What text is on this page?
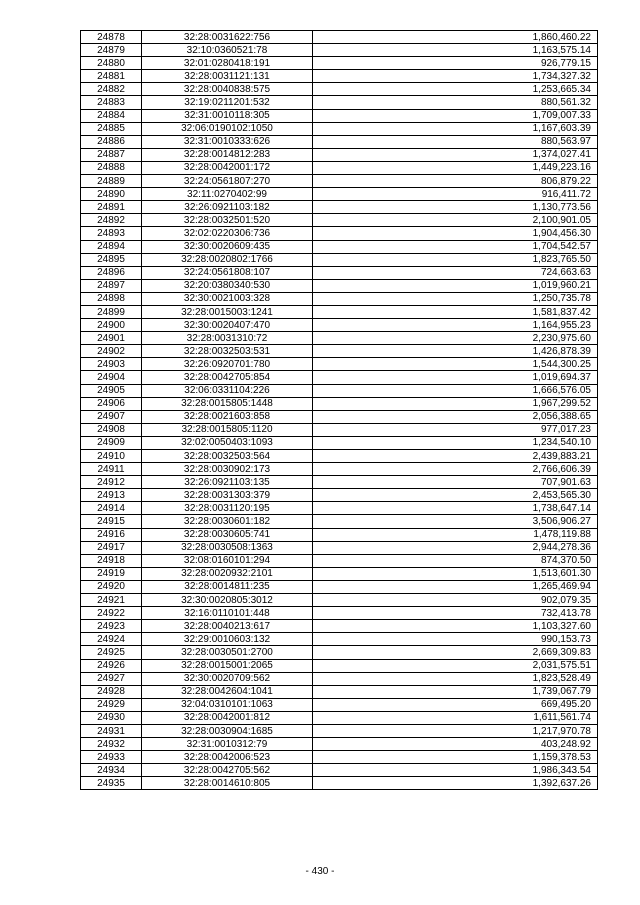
24878	32:28:0031622:756	1,860,460.22
24879	32:10:0360521:78	1,163,575.14
24880	32:01:0280418:191	926,779.15
24881	32:28:0031121:131	1,734,327.32
24882	32:28:0040838:575	1,253,665.34
24883	32:19:0211201:532	880,561.32
24884	32:31:0010118:305	1,709,007.33
24885	32:06:0190102:1050	1,167,603.39
24886	32:31:0010333:626	880,563.97
24887	32:28:0014812:283	1,374,027.41
24888	32:28:0042001:172	1,449,223.16
24889	32:24:0561807:270	806,879.22
24890	32:11:0270402:99	916,411.72
24891	32:26:0921103:182	1,130,773.56
24892	32:28:0032501:520	2,100,901.05
24893	32:02:0220306:736	1,904,456.30
24894	32:30:0020609:435	1,704,542.57
24895	32:28:0020802:1766	1,823,765.50
24896	32:24:0561808:107	724,663.63
24897	32:20:0380340:530	1,019,960.21
24898	32:30:0021003:328	1,250,735.78
24899	32:28:0015003:1241	1,581,837.42
24900	32:30:0020407:470	1,164,955.23
24901	32:28:0031310:72	2,230,975.60
24902	32:28:0032503:531	1,426,878.39
24903	32:26:0920701:780	1,544,300.25
24904	32:28:0042705:854	1,019,694.37
24905	32:06:0331104:226	1,666,576.05
24906	32:28:0015805:1448	1,967,299.52
24907	32:28:0021603:858	2,056,388.65
24908	32:28:0015805:1120	977,017.23
24909	32:02:0050403:1093	1,234,540.10
24910	32:28:0032503:564	2,439,883.21
24911	32:28:0030902:173	2,766,606.39
24912	32:26:0921103:135	707,901.63
24913	32:28:0031303:379	2,453,565.30
24914	32:28:0031120:195	1,738,647.14
24915	32:28:0030601:182	3,506,906.27
24916	32:28:0030605:741	1,478,119.88
24917	32:28:0030508:1363	2,944,278.36
24918	32:08:0160101:294	874,370.50
24919	32:28:0020932:2101	1,513,601.30
24920	32:28:0014811:235	1,265,469.94
24921	32:30:0020805:3012	902,079.35
24922	32:16:0110101:448	732,413.78
24923	32:28:0040213:617	1,103,327.60
24924	32:29:0010603:132	990,153.73
24925	32:28:0030501:2700	2,669,309.83
24926	32:28:0015001:2065	2,031,575.51
24927	32:30:0020709:562	1,823,528.49
24928	32:28:0042604:1041	1,739,067.79
24929	32:04:0310101:1063	669,495.20
24930	32:28:0042001:812	1,611,561.74
24931	32:28:0030904:1685	1,217,970.78
24932	32:31:0010312:79	403,248.92
24933	32:28:0042006:523	1,159,378.53
24934	32:28:0042705:562	1,986,343.54
24935	32:28:0014610:805	1,392,637.26
- 430 -
